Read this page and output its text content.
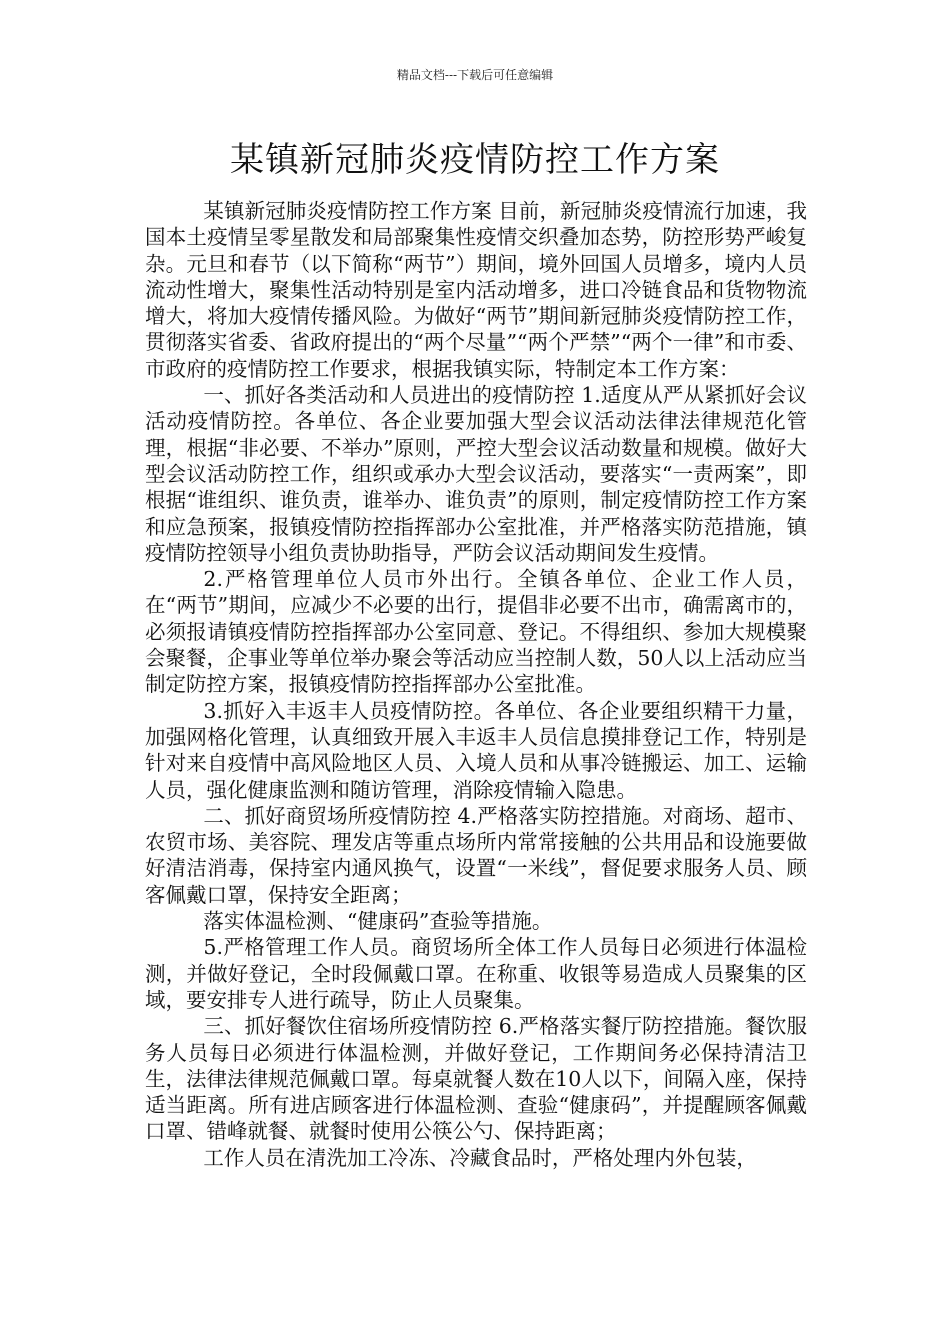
精品文档---下载后可任意编辑
某镇新冠肺炎疫情防控工作方案

某镇新冠肺炎疫情防控工作方案 目前，新冠肺炎疫情流行加速，我国本土疫情呈零星散发和局部聚集性疫情交织叠加态势，防控形势严峻复杂。元旦和春节（以下简称“两节”）期间，境外回国人员增多，境内人员流动性增大，聚集性活动特别是室内活动增多，进口冷链食品和货物物流增大，将加大疫情传播风险。为做好“两节”期间新冠肺炎疫情防控工作，贯彻落实省委、省政府提出的“两个尽量”“两个严禁”“两个一律”和市委、市政府的疫情防控工作要求，根据我镇实际，特制定本工作方案：

一、抓好各类活动和人员进出的疫情防控 1.适度从严从紧抓好会议活动疫情防控。各单位、各企业要加强大型会议活动法律法律规范化管理，根据“非必要、不举办”原则，严控大型会议活动数量和规模。做好大型会议活动防控工作，组织或承办大型会议活动，要落实“一责两案”，即根据“谁组织、谁负责，谁举办、谁负责”的原则，制定疫情防控工作方案和应急预案，报镇疫情防控指挥部办公室批准，并严格落实防范措施，镇疫情防控领导小组负责协助指导，严防会议活动期间发生疫情。

2.严格管理单位人员市外出行。全镇各单位、企业工作人员，在“两节”期间，应减少不必要的出行，提倡非必要不出市，确需离市的，必须报请镇疫情防控指挥部办公室同意、登记。不得组织、参加大规模聚会聚餐，企事业等单位举办聚会等活动应当控制人数，50人以上活动应当制定防控方案，报镇疫情防控指挥部办公室批准。

3.抓好入丰返丰人员疫情防控。各单位、各企业要组织精干力量，加强网格化管理，认真细致开展入丰返丰人员信息摸排登记工作，特别是针对来自疫情中高风险地区人员、入境人员和从事冷链搬运、加工、运输人员，强化健康监测和随访管理，消除疫情输入隐患。

二、抓好商贸场所疫情防控 4.严格落实防控措施。对商场、超市、农贸市场、美容院、理发店等重点场所内常常接触的公共用品和设施要做好清洁消毒，保持室内通风换气，设置“一米线”，督促要求服务人员、顾客佩戴口罩，保持安全距离；

落实体温检测、“健康码”查验等措施。

5.严格管理工作人员。商贸场所全体工作人员每日必须进行体温检测，并做好登记，全时段佩戴口罩。在称重、收银等易造成人员聚集的区域，要安排专人进行疏导，防止人员聚集。

三、抓好餐饮住宿场所疫情防控 6.严格落实餐厅防控措施。餐饮服务人员每日必须进行体温检测，并做好登记，工作期间务必保持清洁卫生，法律法律规范佩戴口罩。每桌就餐人数在10人以下，间隔入座，保持适当距离。所有进店顾客进行体温检测、查验“健康码”，并提醒顾客佩戴口罩、错峰就餐、就餐时使用公筷公勺、保持距离；

工作人员在清洗加工冷冻、冷藏食品时，严格处理内外包装，
